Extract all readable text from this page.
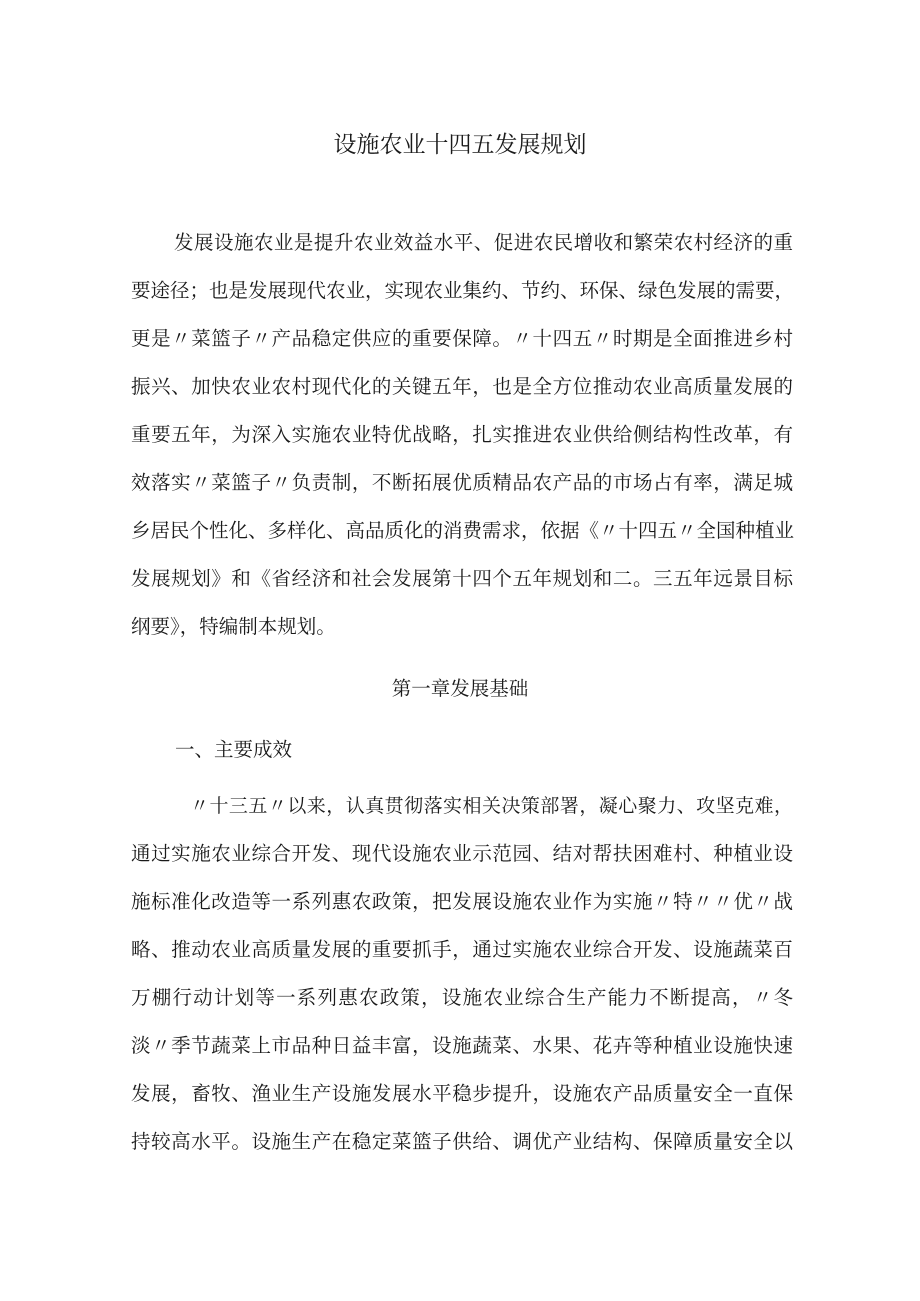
设施农业十四五发展规划

发展设施农业是提升农业效益水平、促进农民增收和繁荣农村经济的重

要途径；也是发展现代农业，实现农业集约、节约、环保、绿色发展的需要，

更是〃菜篮子〃产品稳定供应的重要保障。〃十四五〃时期是全面推进乡村

振兴、加快农业农村现代化的关键五年，也是全方位推动农业高质量发展的

重要五年，为深入实施农业特优战略，扎实推进农业供给侧结构性改革，有

效落实〃菜篮子〃负责制，不断拓展优质精品农产品的市场占有率，满足城

乡居民个性化、多样化、高品质化的消费需求，依据《〃十四五〃全国种植业

发展规划》和《省经济和社会发展第十四个五年规划和二。三五年远景目标

纲要》，特编制本规划。

第一章发展基础
一、主要成效

〃十三五〃以来，认真贯彻落实相关决策部署，凝心聚力、攻坚克难，

通过实施农业综合开发、现代设施农业示范园、结对帮扶困难村、种植业设

施标准化改造等一系列惠农政策，把发展设施农业作为实施〃特〃〃优〃战

略、推动农业高质量发展的重要抓手，通过实施农业综合开发、设施蔬菜百

万棚行动计划等一系列惠农政策，设施农业综合生产能力不断提高，〃冬

淡〃季节蔬菜上市品种日益丰富，设施蔬菜、水果、花卉等种植业设施快速

发展，畜牧、渔业生产设施发展水平稳步提升，设施农产品质量安全一直保

持较高水平。设施生产在稳定菜篮子供给、调优产业结构、保障质量安全以
